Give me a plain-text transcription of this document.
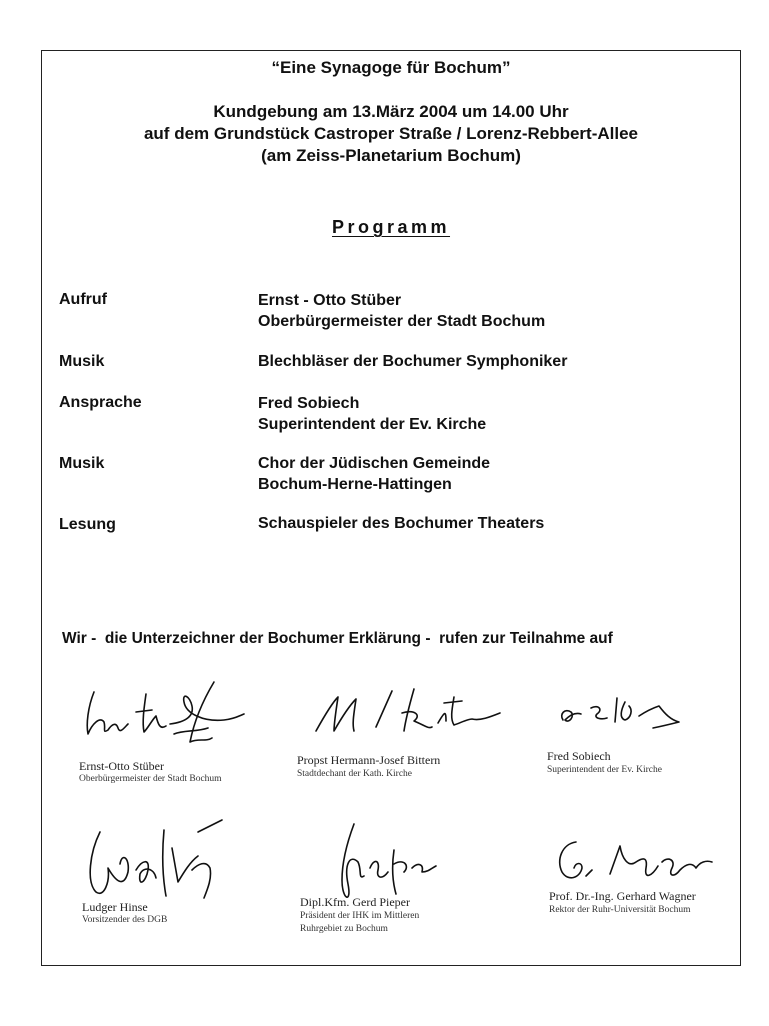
“Eine Synagoge für Bochum”
Kundgebung am 13.März 2004 um 14.00 Uhr
auf dem Grundstück Castroper Straße / Lorenz-Rebbert-Allee
(am Zeiss-Planetarium Bochum)
Programm
Aufruf	Ernst - Otto Stüber
Oberbürgermeister der Stadt Bochum
Musik	Blechbläser der Bochumer Symphoniker
Ansprache	Fred Sobiech
Superintendent der Ev. Kirche
Musik	Chor der Jüdischen Gemeinde
Bochum-Herne-Hattingen
Lesung	Schauspieler des Bochumer Theaters
Wir -  die Unterzeichner der Bochumer Erklärung -  rufen zur Teilnahme auf
Ernst-Otto Stüber
Oberbürgermeister der Stadt Bochum
Propst Hermann-Josef Bittern
Stadtdechant der Kath. Kirche
Fred Sobiech
Superintendent der Ev. Kirche
Ludger Hinse
Vorsitzender des DGB
Dipl.Kfm. Gerd Pieper
Präsident der IHK im Mittleren
Ruhrgebiet zu Bochum
Prof. Dr.-Ing. Gerhard Wagner
Rektor der Ruhr-Universität Bochum
